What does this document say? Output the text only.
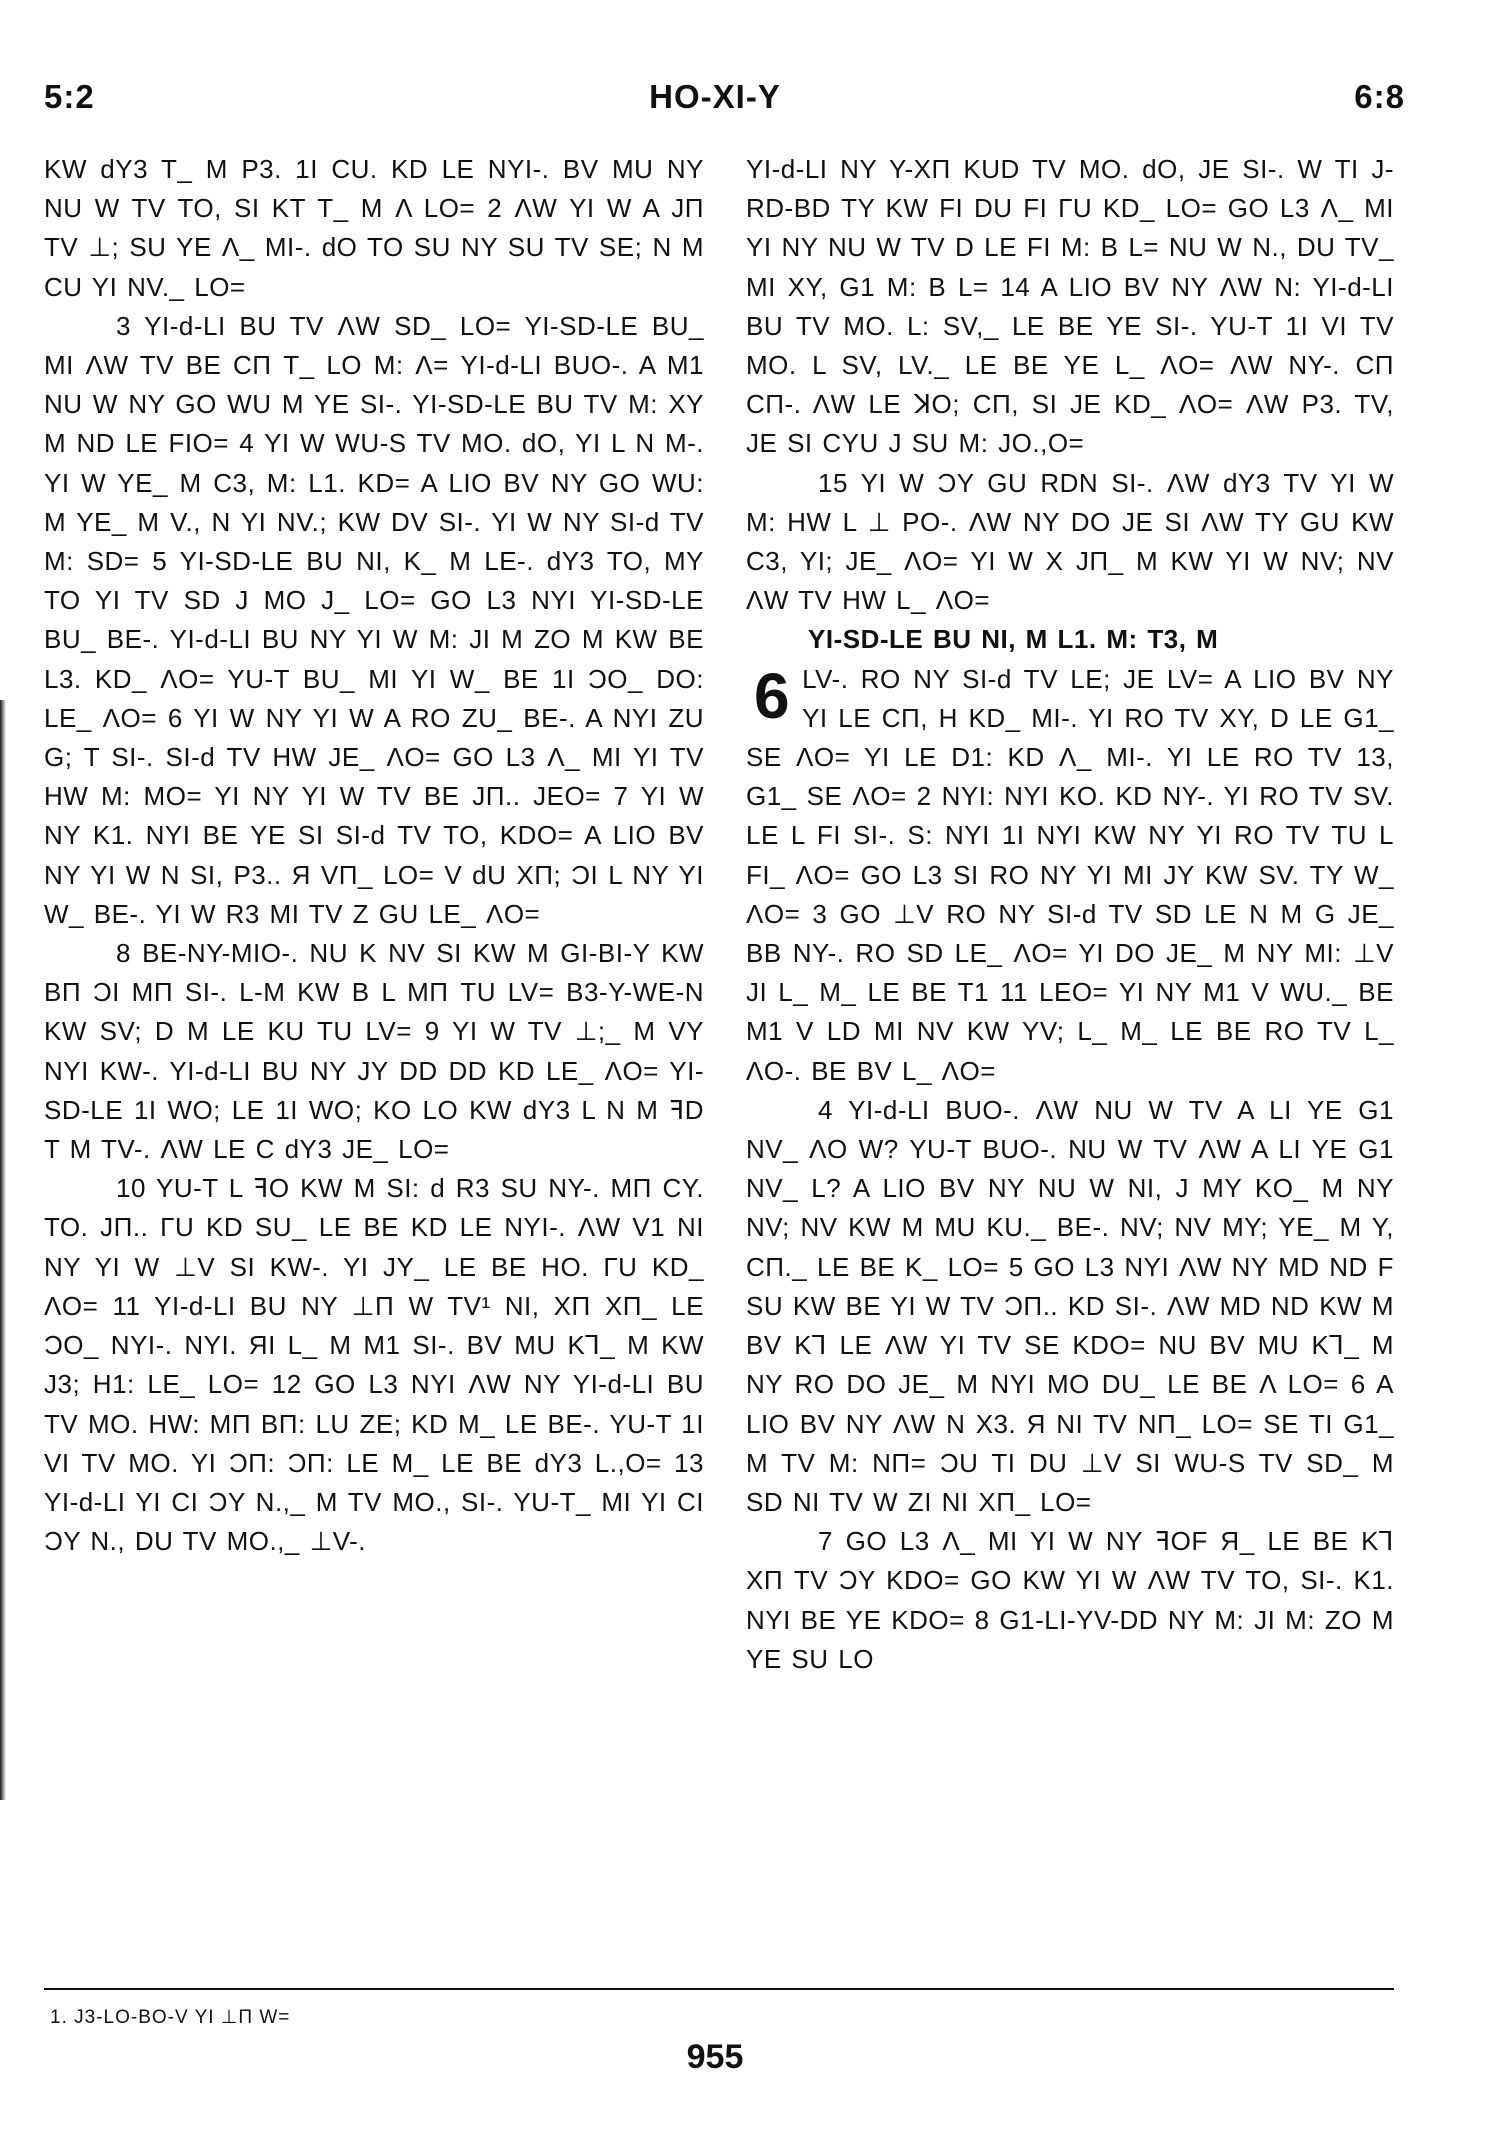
5:2	HO-XI-Y	6:8

KW dY3 T_ M P3. 1I CU. KD LE NYI-. BV MU NY NU W TV TO, SI KT T_ M Λ LO= 2 ΛW YI W A JΠ TV ⊥; SU YE Λ_ MI-. dO TO SU NY SU TV SE; N M CU YI NV._ LO=

3 YI-d-LI BU TV ΛW SD_ LO= YI-SD-LE BU_ MI ΛW TV BE CΠ T_ LO M: Λ= YI-d-LI BUO-. A M1 NU W NY GO WU M YE SI-. YI-SD-LE BU TV M: XY M ND LE FIO= 4 YI W WU-S TV MO. dO, YI L N M-. YI W YE_ M C3, M: L1. KD= A LIO BV NY GO WU: M YE_ M V., N YI NV.; KW DV SI-. YI W NY SI-d TV M: SD= 5 YI-SD-LE BU NI, K_ M LE-. dY3 TO, MY TO YI TV SD J MO J_ LO= GO L3 NYI YI-SD-LE BU_ BE-. YI-d-LI BU NY YI W M: JI M ZO M KW BE L3. KD_ ΛO= YU-T BU_ MI YI W_ BE 1I ƆO_ DO: LE_ ΛO= 6 YI W NY YI W A RO ZU_ BE-. A NYI ZU G; T SI-. SI-d TV HW JE_ ΛO= GO L3 Λ_ MI YI TV HW M: MO= YI NY YI W TV BE JΠ.. JEO= 7 YI W NY K1. NYI BE YE SI SI-d TV TO, KDO= A LIO BV NY YI W N SI, P3.. Я VΠ_ LO= V dU XΠ; ƆI L NY YI W_ BE-. YI W R3 MI TV Z GU LE_ ΛO=

8 BE-NY-MIO-. NU K NV SI KW M GI-BI-Y KW BΠ ƆI MΠ SI-. L-M KW B L MΠ TU LV= B3-Y-WE-N KW SV; D M LE KU TU LV= 9 YI W TV ⊥;_ M VY NYI KW-. YI-d-LI BU NY JY DD DD KD LE_ ΛO= YI-SD-LE 1I WO; LE 1I WO; KO LO KW dY3 L N M ꟻD T M TV-. ΛW LE C dY3 JE_ LO=

10 YU-T L ꟻO KW M SI: d R3 SU NY-. MΠ CY. TO. JΠ.. ΓU KD SU_ LE BE KD LE NYI-. ΛW V1 NI NY YI W ⊥V SI KW-. YI JY_ LE BE HO. ΓU KD_ ΛO= 11 YI-d-LI BU NY ⊥Π W TV¹ NI, XΠ XΠ_ LE ƆO_ NYI-. NYI. ЯI L_ M M1 SI-. BV MU K⅂_ M KW J3; H1: LE_ LO= 12 GO L3 NYI ΛW NY YI-d-LI BU TV MO. HW: MΠ BΠ: LU ZE; KD M_ LE BE-. YU-T 1I VI TV MO. YI ƆΠ: ƆΠ: LE M_ LE BE dY3 L.,O= 13 YI-d-LI YI CI ƆY N.,_ M TV MO., SI-. YU-T_ MI YI CI ƆY N., DU TV MO.,_ ⊥V-.

YI-d-LI NY Y-XΠ KUD TV MO. dO, JE SI-. W TI J-RD-BD TY KW FI DU FI ΓU KD_ LO= GO L3 Λ_ MI YI NY NU W TV D LE FI M: B L= NU W N., DU TV_ MI XY, G1 M: B L= 14 A LIO BV NY ΛW N: YI-d-LI BU TV MO. L: SV,_ LE BE YE SI-. YU-T 1I VI TV MO. L SV, LV._ LE BE YE L_ ΛO= ΛW NY-. CΠ CΠ-. ΛW LE ꓘO; CΠ, SI JE KD_ ΛO= ΛW P3. TV, JE SI CYU J SU M: JO.,O=

15 YI W ƆY GU RDN SI-. ΛW dY3 TV YI W M: HW L ⊥ PO-. ΛW NY DO JE SI ΛW TY GU KW C3, YI; JE_ ΛO= YI W X JΠ_ M KW YI W NV; NV ΛW TV HW L_ ΛO=

YI-SD-LE BU NI, M L1. M: T3, M

6 LV-. RO NY SI-d TV LE; JE LV= A LIO BV NY YI LE CΠ, H KD_ MI-. YI RO TV XY, D LE G1_ SE ΛO= YI LE D1: KD Λ_ MI-. YI LE RO TV 13, G1_ SE ΛO= 2 NYI: NYI KO. KD NY-. YI RO TV SV. LE L FI SI-. S: NYI 1I NYI KW NY YI RO TV TU L FI_ ΛO= GO L3 SI RO NY YI MI JY KW SV. TY W_ ΛO= 3 GO ⊥V RO NY SI-d TV SD LE N M G JE_ BB NY-. RO SD LE_ ΛO= YI DO JE_ M NY MI: ⊥V JI L_ M_ LE BE T1 11 LEO= YI NY M1 V WU._ BE M1 V LD MI NV KW YV; L_ M_ LE BE RO TV L_ ΛO-. BE BV L_ ΛO=

4 YI-d-LI BUO-. ΛW NU W TV A LI YE G1 NV_ ΛO W? YU-T BUO-. NU W TV ΛW A LI YE G1 NV_ L? A LIO BV NY NU W NI, J MY KO_ M NY NV; NV KW M MU KU._ BE-. NV; NV MY; YE_ M Y, CΠ._ LE BE K_ LO= 5 GO L3 NYI ΛW NY MD ND F SU KW BE YI W TV ƆΠ.. KD SI-. ΛW MD ND KW M BV K⅂ LE ΛW YI TV SE KDO= NU BV MU K⅂_ M NY RO DO JE_ M NYI MO DU_ LE BE Λ LO= 6 A LIO BV NY ΛW N X3. Я NI TV NΠ_ LO= SE TI G1_ M TV M: NΠ= ƆU TI DU ⊥V SI WU-S TV SD_ M SD NI TV W ZI NI XΠ_ LO=

7 GO L3 Λ_ MI YI W NY ꟻOF Я_ LE BE K⅂ XΠ TV ƆY KDO= GO KW YI W ΛW TV TO, SI-. K1. NYI BE YE KDO= 8 G1-LI-YV-DD NY M: JI M: ZO M YE SU LO

1. J3-LO-BO-V YI ⊥Π W=
955
